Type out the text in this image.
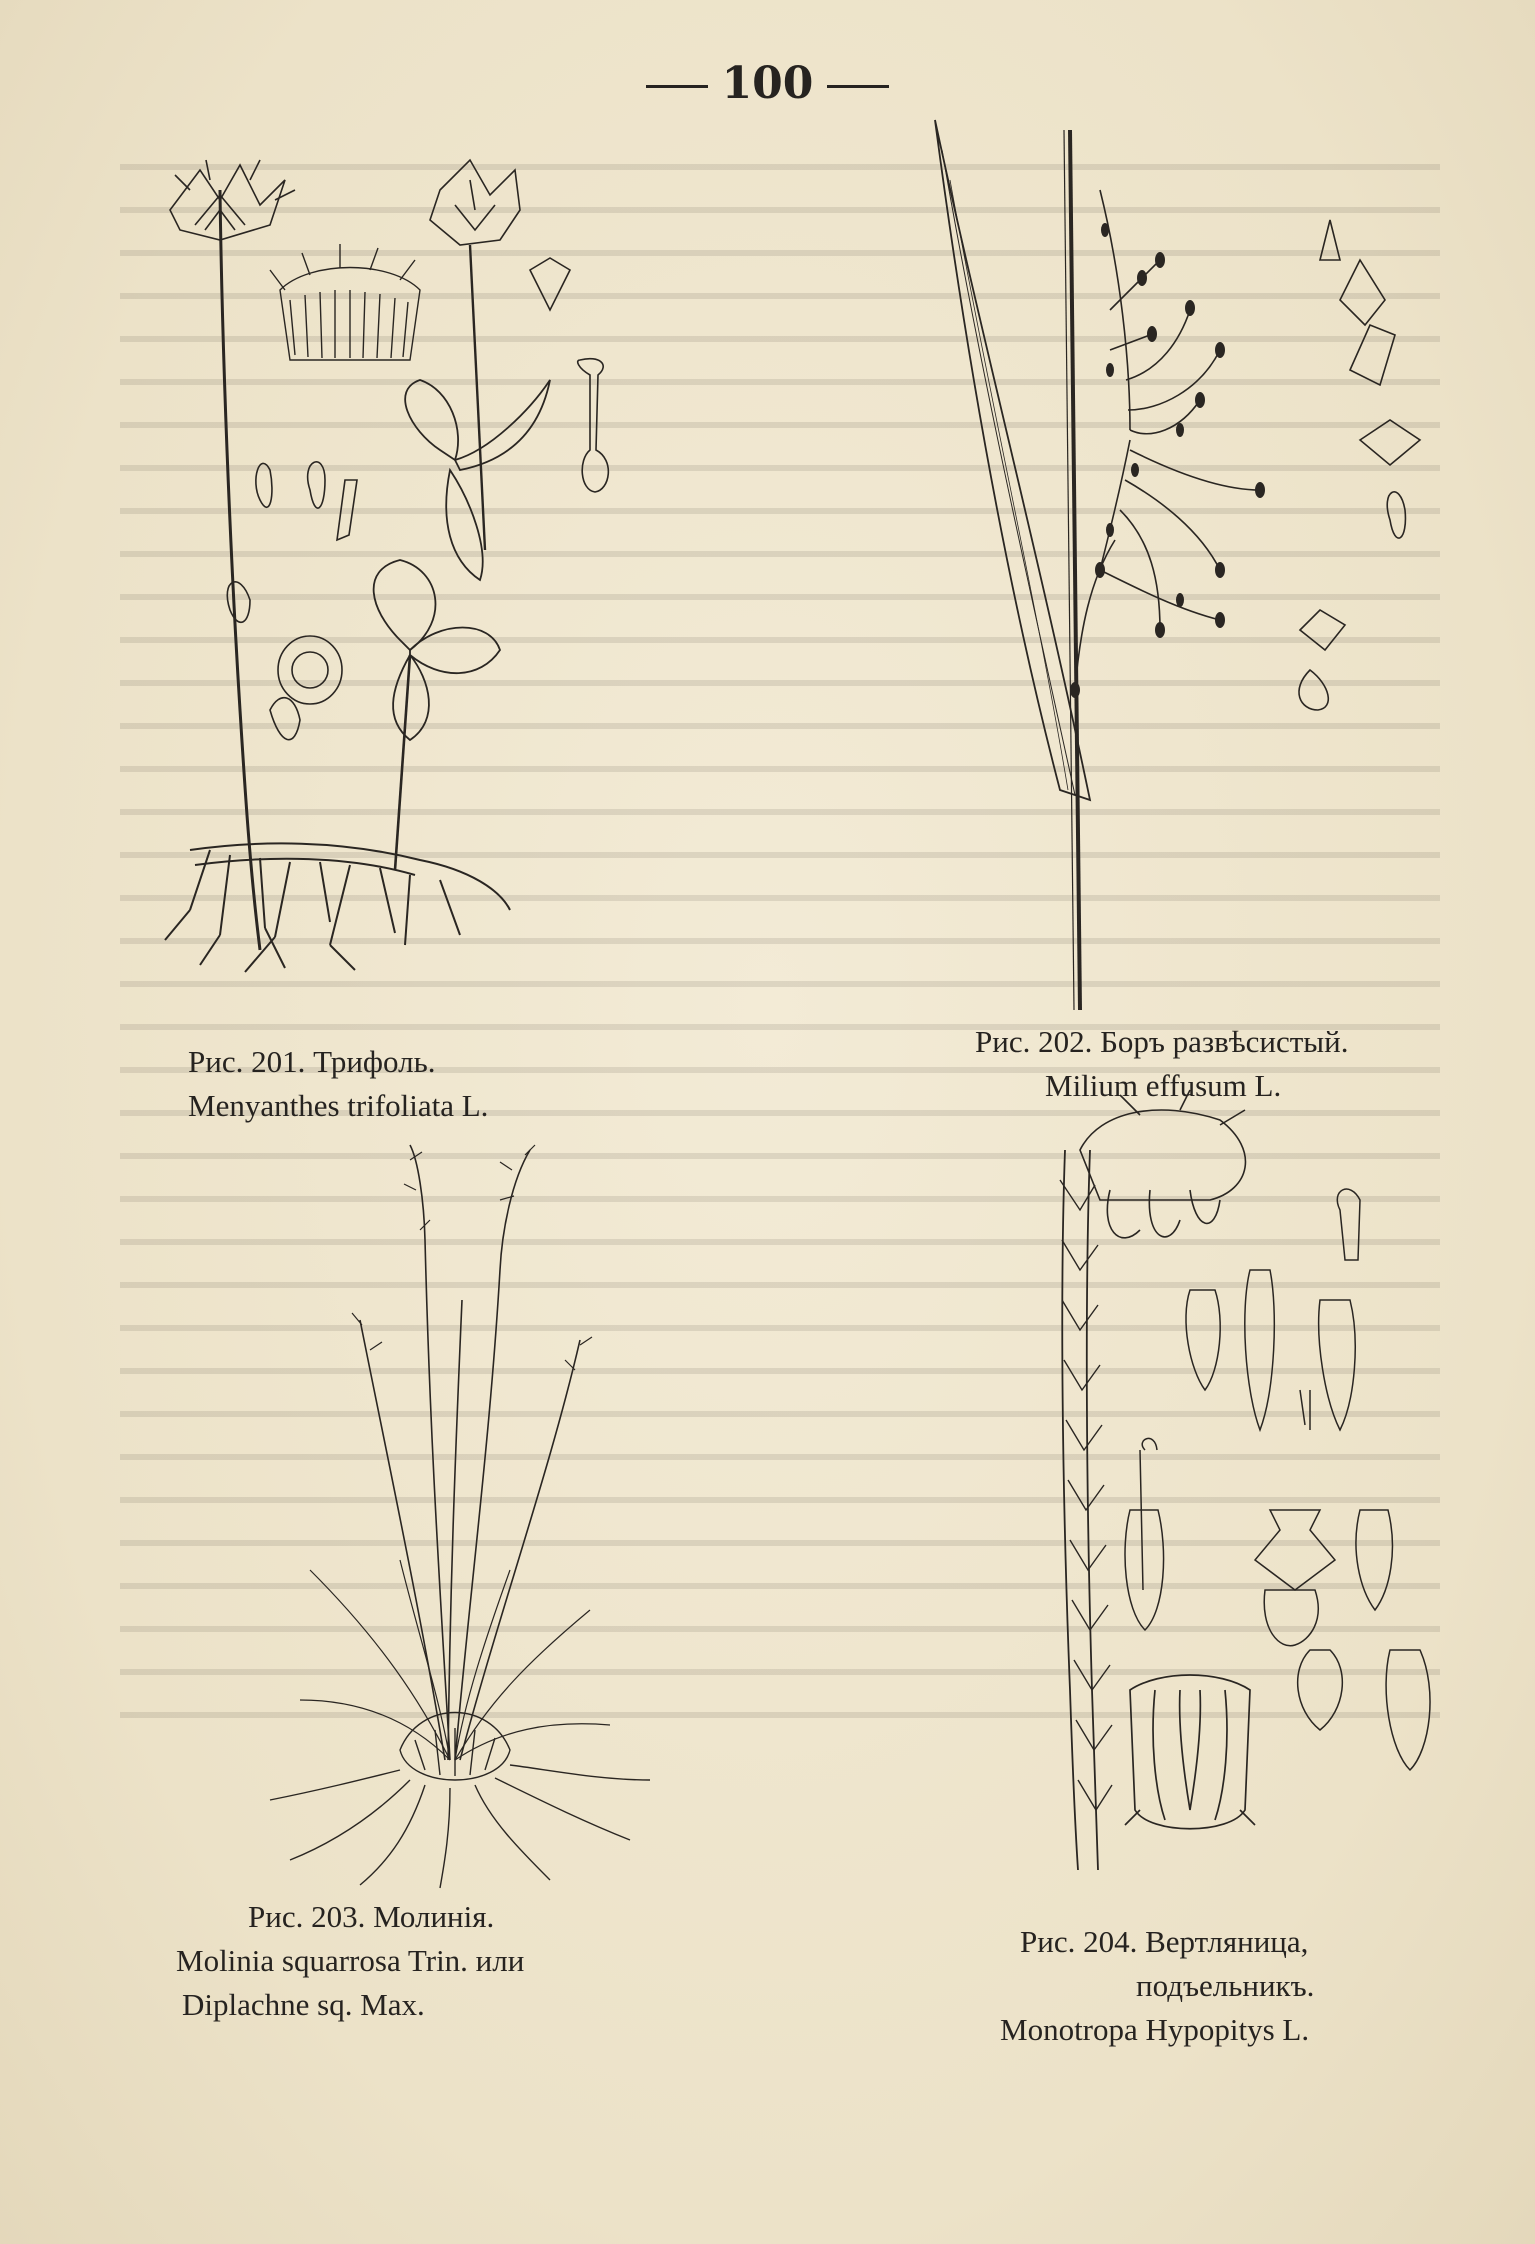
100
Рис. 201. Трифоль.
Menyanthes trifoliata L.
Рис. 202. Боръ развѣсистый.
Milium effusum L.
Рис. 203. Молинія.
Molinia squarrosa Trin. или
Diplachne sq. Max.
Рис. 204. Вертляница,
подъельникъ.
Monotropa Hypopitys L.
